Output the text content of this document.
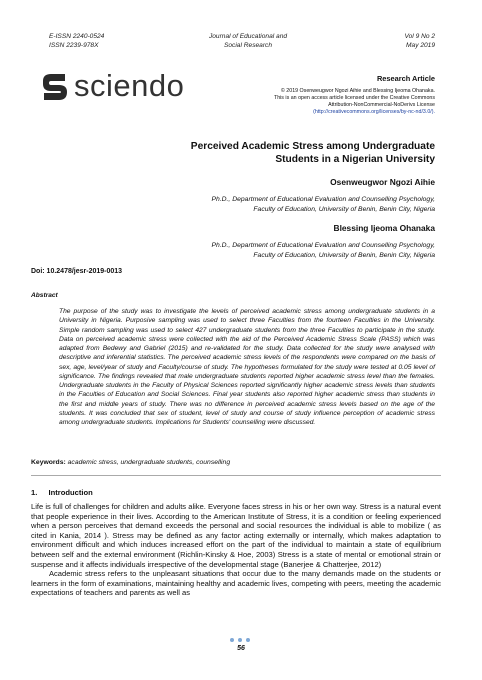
E-ISSN 2240-0524
ISSN 2239-978X
Journal of Educational and
Social Research
Vol 9 No 2
May 2019
sciendo	Research Article
© 2019 Osenweugwor Ngozi Aihie and Blessing Ijeoma Ohanaka.
This is an open access article licensed under the Creative Commons
Attribution-NonCommercial-NoDerivs License
(http://creativecommons.org/licenses/by-nc-nd/3.0/).
Perceived Academic Stress among Undergraduate
Students in a Nigerian University
Osenweugwor Ngozi Aihie
Ph.D., Department of Educational Evaluation and Counselling Psychology,
Faculty of Education, University of Benin, Benin City, Nigeria
Blessing Ijeoma Ohanaka
Ph.D., Department of Educational Evaluation and Counselling Psychology,
Faculty of Education, University of Benin, Benin City, Nigeria
Doi: 10.2478/jesr-2019-0013
Abstract
The purpose of the study was to investigate the levels of perceived academic stress among undergraduate students in a University in Nigeria. Purposive sampling was used to select three Faculties from the fourteen Faculties in the University. Simple random sampling was used to select 427 undergraduate students from the three Faculties to participate in the study. Data on perceived academic stress were collected with the aid of the Perceived Academic Stress Scale (PASS) which was adapted from Bedewy and Gabriel (2015) and re-validated for the study. Data collected for the study were analysed with descriptive and inferential statistics. The perceived academic stress levels of the respondents were compared on the basis of sex, age, level/year of study and Faculty/course of study. The hypotheses formulated for the study were tested at 0.05 level of significance. The findings revealed that male undergraduate students reported higher academic stress level than the females. Undergraduate students in the Faculty of Physical Sciences reported significantly higher academic stress levels than students in the Faculties of Education and Social Sciences. Final year students also reported higher academic stress than students in the first and middle years of study. There was no difference in perceived academic stress levels based on the age of the students. It was concluded that sex of student, level of study and course of study influence perception of academic stress among undergraduate students. Implications for Students' counselling were discussed.
Keywords: academic stress, undergraduate students, counselling
1. Introduction

Life is full of challenges for children and adults alike. Everyone faces stress in his or her own way. Stress is a natural event that people experience in their lives. According to the American Institute of Stress, it is a condition or feeling experienced when a person perceives that demand exceeds the personal and social resources the individual is able to mobilize ( as cited in Kania, 2014 ). Stress may be defined as any factor acting externally or internally, which makes adaptation to environment difficult and which induces increased effort on the part of the individual to maintain a state of equilibrium between self and the external environment (Richlin-Kinsky & Hoe, 2003) Stress is a state of mental or emotional strain or suspense and it affects individuals irrespective of the developmental stage (Banerjee & Chatterjee, 2012)

Academic stress refers to the unpleasant situations that occur due to the many demands made on the students or learners in the form of examinations, maintaining healthy and academic lives, competing with peers, meeting the academic expectations of teachers and parents as well as

56
